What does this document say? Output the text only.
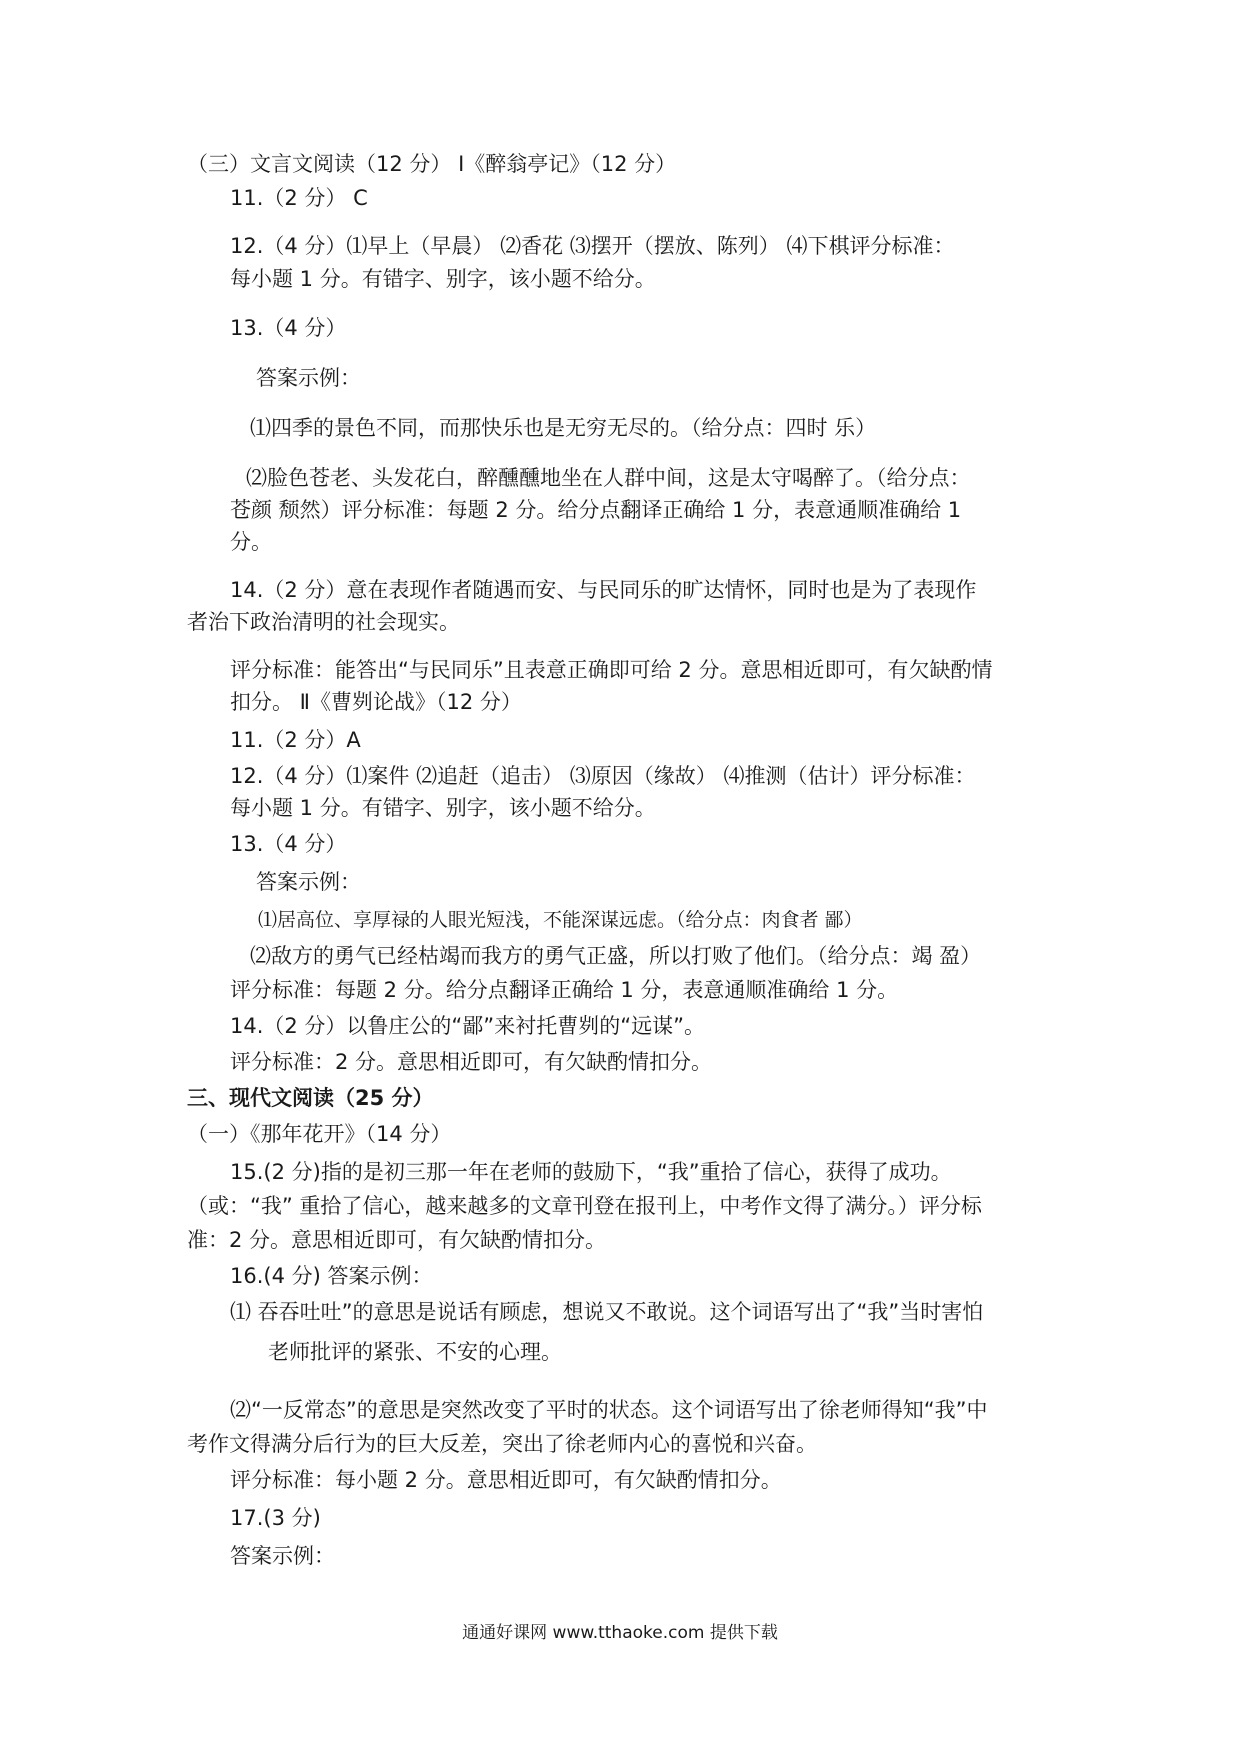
（三）文言文阅读（12 分） Ⅰ《醉翁亭记》（12 分）
11.（2 分） C
12.（4 分）⑴早上（早晨） ⑵香花 ⑶摆开（摆放、陈列） ⑷下棋评分标准：
每小题 1 分。有错字、别字，该小题不给分。
13.（4 分）
答案示例：
⑴四季的景色不同，而那快乐也是无穷无尽的。（给分点：四时 乐）
⑵脸色苍老、头发花白，醉醺醺地坐在人群中间，这是太守喝醉了。（给分点：
苍颜 颓然）评分标准：每题 2 分。给分点翻译正确给 1 分，表意通顺准确给 1
分。
14.（2 分）意在表现作者随遇而安、与民同乐的旷达情怀，同时也是为了表现作
者治下政治清明的社会现实。
评分标准：能答出“与民同乐”且表意正确即可给 2 分。意思相近即可，有欠缺酌情
扣分。 Ⅱ《曹刿论战》（12 分）
11.（2 分）A
12.（4 分）⑴案件 ⑵追赶（追击） ⑶原因（缘故） ⑷推测（估计）评分标准：
每小题 1 分。有错字、别字，该小题不给分。
13.（4 分）
答案示例：
⑴居高位、享厚禄的人眼光短浅，不能深谋远虑。（给分点：肉食者 鄙）
⑵敌方的勇气已经枯竭而我方的勇气正盛，所以打败了他们。（给分点：竭 盈）
评分标准：每题 2 分。给分点翻译正确给 1 分，表意通顺准确给 1 分。
14.（2 分）以鲁庄公的“鄙”来衬托曹刿的“远谋”。
评分标准：2 分。意思相近即可，有欠缺酌情扣分。
三、现代文阅读（25 分）
（一）《那年花开》（14 分）
15.(2 分)指的是初三那一年在老师的鼓励下，“我”重拾了信心，获得了成功。
（或：“我” 重拾了信心，越来越多的文章刊登在报刊上，中考作文得了满分。）评分标
准：2 分。意思相近即可，有欠缺酌情扣分。
16.(4 分) 答案示例：
⑴ 吞吞吐吐”的意思是说话有顾虑，想说又不敢说。这个词语写出了“我”当时害怕
老师批评的紧张、不安的心理。
⑵“一反常态”的意思是突然改变了平时的状态。这个词语写出了徐老师得知“我”中
考作文得满分后行为的巨大反差，突出了徐老师内心的喜悦和兴奋。
评分标准：每小题 2 分。意思相近即可，有欠缺酌情扣分。
17.(3 分)
答案示例：
通通好课网 www.tthaoke.com 提供下载
